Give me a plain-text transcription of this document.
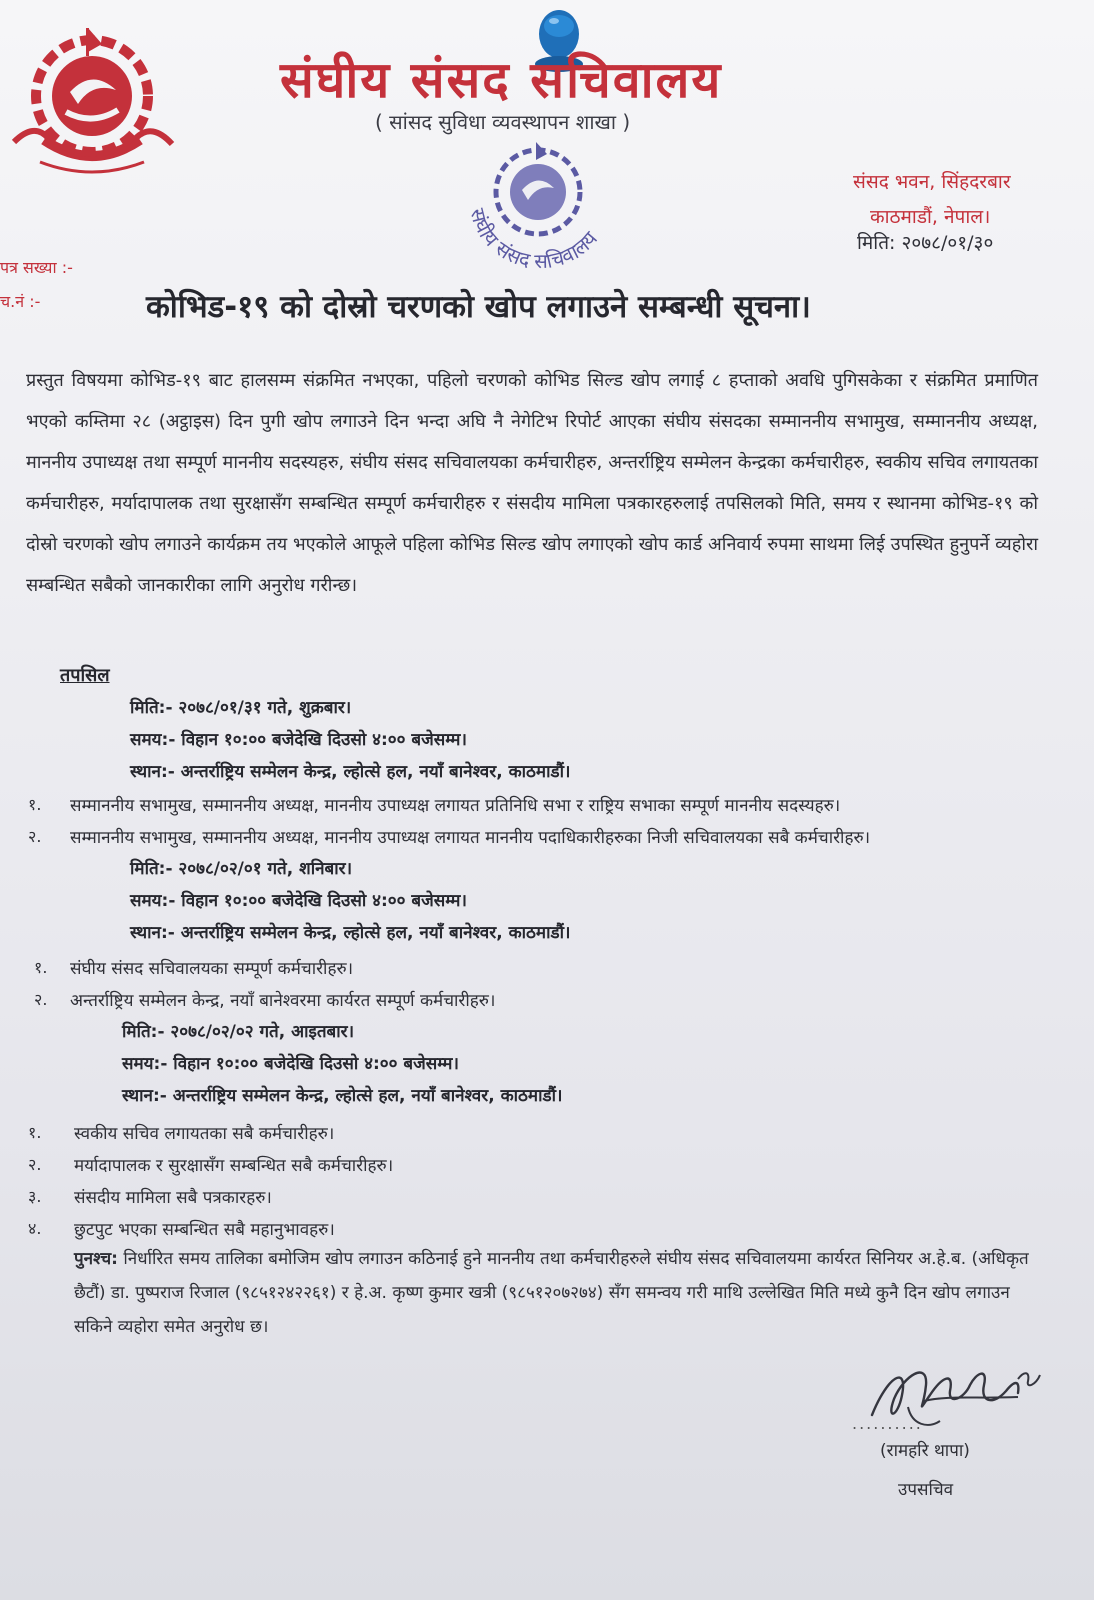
संघीय संसद सचिवालय
( सांसद सुविधा व्यवस्थापन शाखा )
संघीय संसद सचिवालय
संसद भवन, सिंहदरबार
काठमाडौं, नेपाल।
मिति: २०७८/०१/३०
पत्र सख्या :-
च.नं :-	कोभिड-१९ को दोस्रो चरणको खोप लगाउने सम्बन्धी सूचना।

प्रस्तुत विषयमा कोभिड-१९ बाट हालसम्म संक्रमित नभएका, पहिलो चरणको कोभिड सिल्ड खोप लगाई ८ हप्ताको अवधि पुगिसकेका र संक्रमित प्रमाणित भएको कम्तिमा २८ (अट्ठाइस) दिन पुगी खोप लगाउने दिन भन्दा अघि नै नेगेटिभ रिपोर्ट आएका संघीय संसदका सम्माननीय सभामुख, सम्माननीय अध्यक्ष, माननीय उपाध्यक्ष तथा सम्पूर्ण माननीय सदस्यहरु, संघीय संसद सचिवालयका कर्मचारीहरु, अन्तर्राष्ट्रिय सम्मेलन केन्द्रका कर्मचारीहरु, स्वकीय सचिव लगायतका कर्मचारीहरु, मर्यादापालक तथा सुरक्षासँग सम्बन्धित सम्पूर्ण कर्मचारीहरु र संसदीय मामिला पत्रकारहरुलाई तपसिलको मिति, समय र स्थानमा कोभिड-१९ को दोस्रो चरणको खोप लगाउने कार्यक्रम तय भएकोले आफूले पहिला कोभिड सिल्ड खोप लगाएको खोप कार्ड अनिवार्य रुपमा साथमा लिई उपस्थित हुनुपर्ने व्यहोरा सम्बन्धित सबैको जानकारीका लागि अनुरोध गरीन्छ।

तपसिल
मिति:- २०७८/०१/३१ गते, शुक्रबार।
समय:- विहान १०:०० बजेदेखि दिउसो ४:०० बजेसम्म।
स्थान:- अन्तर्राष्ट्रिय सम्मेलन केन्द्र, ल्होत्से हल, नयाँ बानेश्वर, काठमाडौं।
१. सम्माननीय सभामुख, सम्माननीय अध्यक्ष, माननीय उपाध्यक्ष लगायत प्रतिनिधि सभा र राष्ट्रिय सभाका सम्पूर्ण माननीय सदस्यहरु।
२. सम्माननीय सभामुख, सम्माननीय अध्यक्ष, माननीय उपाध्यक्ष लगायत माननीय पदाधिकारीहरुका निजी सचिवालयका सबै कर्मचारीहरु।
मिति:- २०७८/०२/०१ गते, शनिबार।
समय:- विहान १०:०० बजेदेखि दिउसो ४:०० बजेसम्म।
स्थान:- अन्तर्राष्ट्रिय सम्मेलन केन्द्र, ल्होत्से हल, नयाँ बानेश्वर, काठमाडौं।
१. संघीय संसद सचिवालयका सम्पूर्ण कर्मचारीहरु।
२. अन्तर्राष्ट्रिय सम्मेलन केन्द्र, नयाँ बानेश्वरमा कार्यरत सम्पूर्ण कर्मचारीहरु।
मिति:- २०७८/०२/०२ गते, आइतबार।
समय:- विहान १०:०० बजेदेखि दिउसो ४:०० बजेसम्म।
स्थान:- अन्तर्राष्ट्रिय सम्मेलन केन्द्र, ल्होत्से हल, नयाँ बानेश्वर, काठमाडौं।
१. स्वकीय सचिव लगायतका सबै कर्मचारीहरु।
२. मर्यादापालक र सुरक्षासँग सम्बन्धित सबै कर्मचारीहरु।
३. संसदीय मामिला सबै पत्रकारहरु।
४. छुटपुट भएका सम्बन्धित सबै महानुभावहरु।

पुनश्च: निर्धारित समय तालिका बमोजिम खोप लगाउन कठिनाई हुने माननीय तथा कर्मचारीहरुले संघीय संसद सचिवालयमा कार्यरत सिनियर अ.हे.ब. (अधिकृत छैटौं) डा. पुष्पराज रिजाल (९८५१२४२२६१) र हे.अ. कृष्ण कुमार खत्री (९८५१२०७२७४) सँग समन्वय गरी माथि उल्लेखित मिति मध्ये कुनै दिन खोप लगाउन सकिने व्यहोरा समेत अनुरोध छ।

..........
(रामहरि थापा)
उपसचिव
